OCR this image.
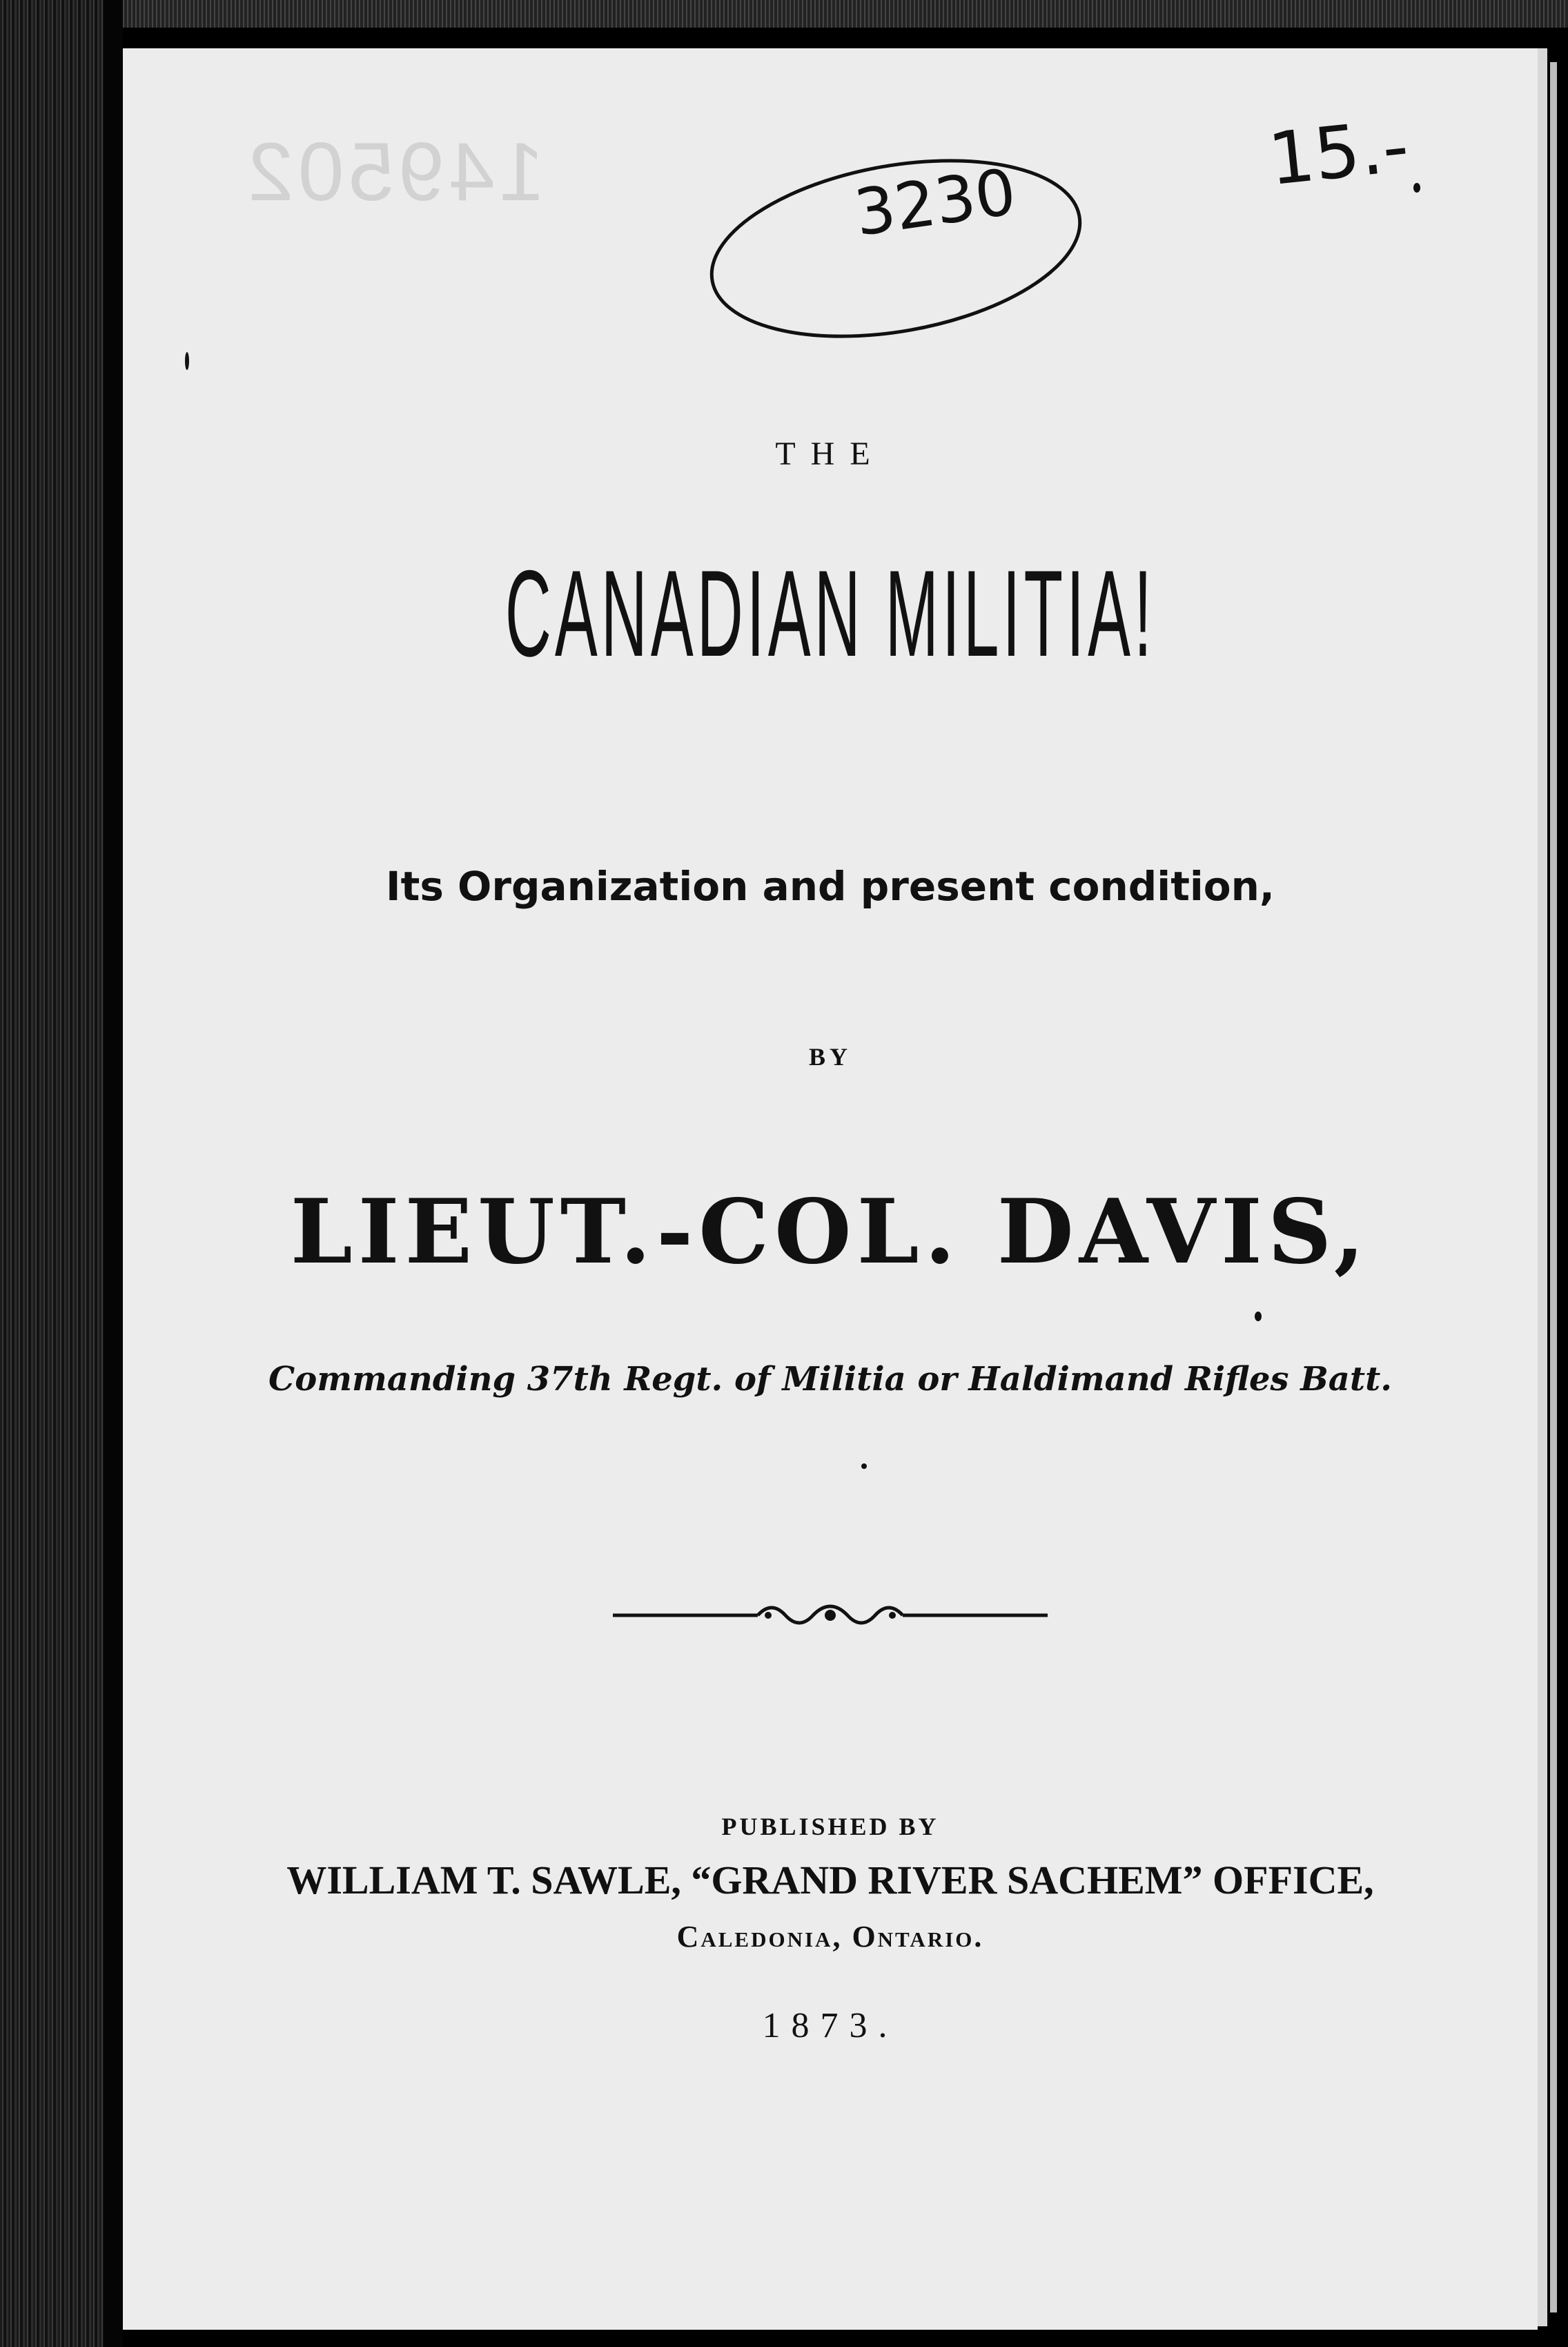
149502	3230
15.-
THE
CANADIAN MILITIA!
Its Organization and present condition,
BY
LIEUT.-COL. DAVIS,
Commanding 37th Regt. of Militia or Haldimand Rifles Batt.
PUBLISHED BY
WILLIAM T. SAWLE, “GRAND RIVER SACHEM” OFFICE,
Caledonia, Ontario.
1873.
